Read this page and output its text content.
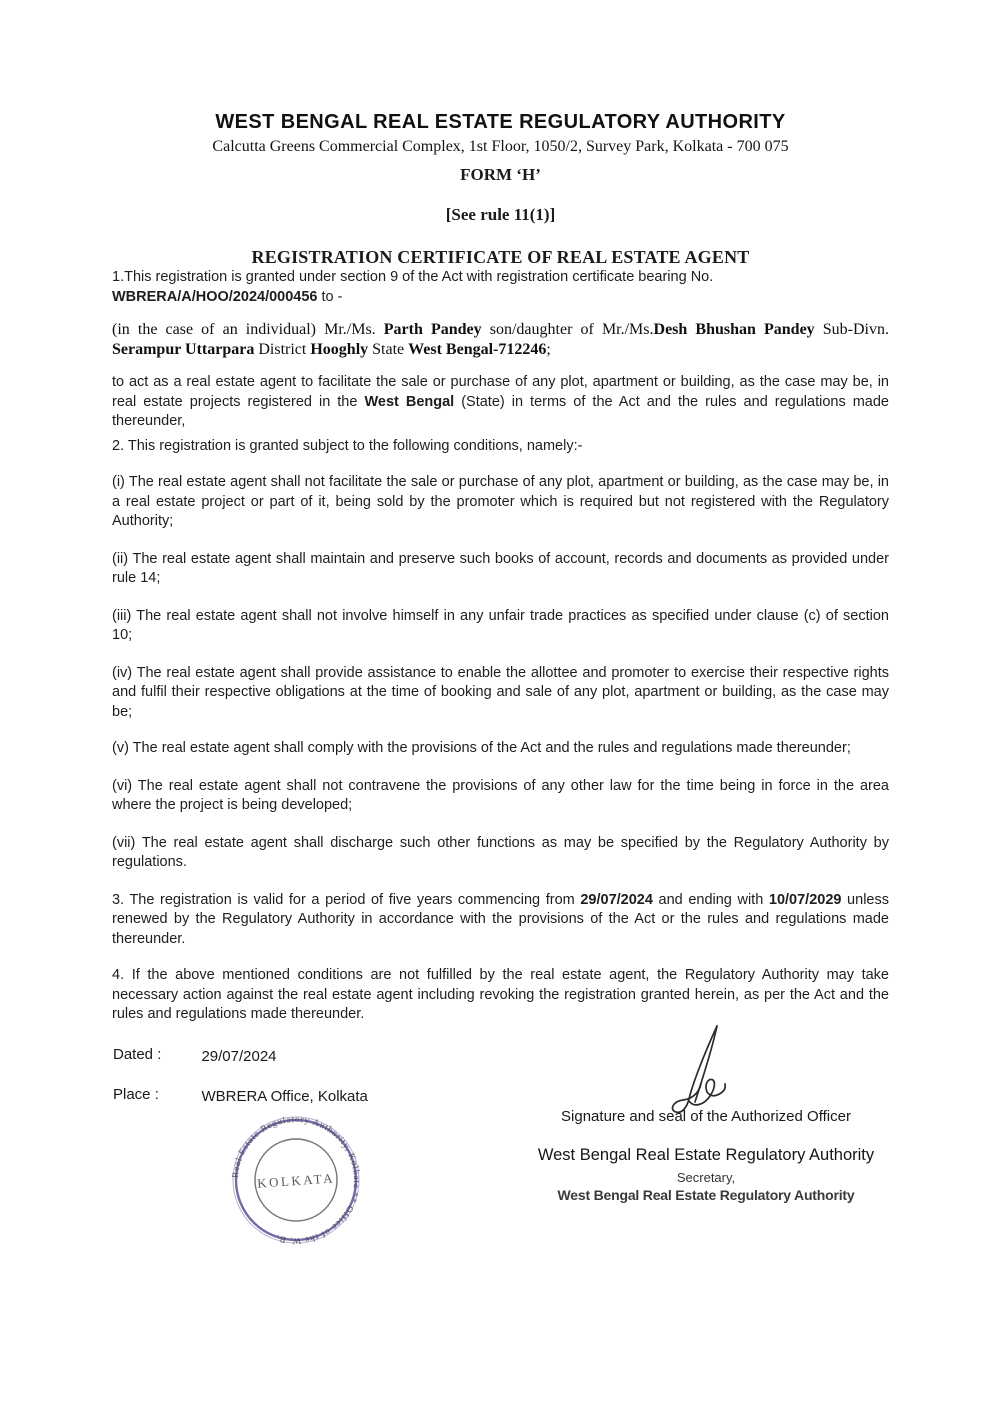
WEST BENGAL REAL ESTATE REGULATORY AUTHORITY
Calcutta Greens Commercial Complex, 1st Floor, 1050/2, Survey Park, Kolkata - 700 075
FORM ‘H’
[See rule 11(1)]
REGISTRATION CERTIFICATE OF REAL ESTATE AGENT

1.This registration is granted under section 9 of the Act with registration certificate bearing No.
WBRERA/A/HOO/2024/000456 to -

(in the case of an individual) Mr./Ms. Parth Pandey son/daughter of Mr./Ms.Desh Bhushan Pandey Sub-Divn. Serampur Uttarpara District Hooghly State West Bengal-712246;

to act as a real estate agent to facilitate the sale or purchase of any plot, apartment or building, as the case may be, in real estate projects registered in the West Bengal (State) in terms of the Act and the rules and regulations made thereunder,

2. This registration is granted subject to the following conditions, namely:-

(i) The real estate agent shall not facilitate the sale or purchase of any plot, apartment or building, as the case may be, in a real estate project or part of it, being sold by the promoter which is required but not registered with the Regulatory Authority;

(ii) The real estate agent shall maintain and preserve such books of account, records and documents as provided under rule 14;

(iii) The real estate agent shall not involve himself in any unfair trade practices as specified under clause (c) of section 10;

(iv) The real estate agent shall provide assistance to enable the allottee and promoter to exercise their respective rights and fulfil their respective obligations at the time of booking and sale of any plot, apartment or building, as the case may be;

(v) The real estate agent shall comply with the provisions of the Act and the rules and regulations made thereunder;

(vi) The real estate agent shall not contravene the provisions of any other law for the time being in force in the area where the project is being developed;

(vii) The real estate agent shall discharge such other functions as may be specified by the Regulatory Authority by regulations.

3. The registration is valid for a period of five years commencing from 29/07/2024 and ending with 10/07/2029 unless renewed by the Regulatory Authority in accordance with the provisions of the Act or the rules and regulations made thereunder.

4. If the above mentioned conditions are not fulfilled by the real estate agent, the Regulatory Authority may take necessary action against the real estate agent including revoking the registration granted herein, as per the Act and the rules and regulations made thereunder.

Dated :	29/07/2024
Place :	WBRERA Office, Kolkata
Real Estate Regulatory Authority, Kolkata ** Office of the W. B.
KOLKATA
Signature and seal of the Authorized Officer
West Bengal Real Estate Regulatory Authority
Secretary,
West Bengal Real Estate Regulatory Authority
